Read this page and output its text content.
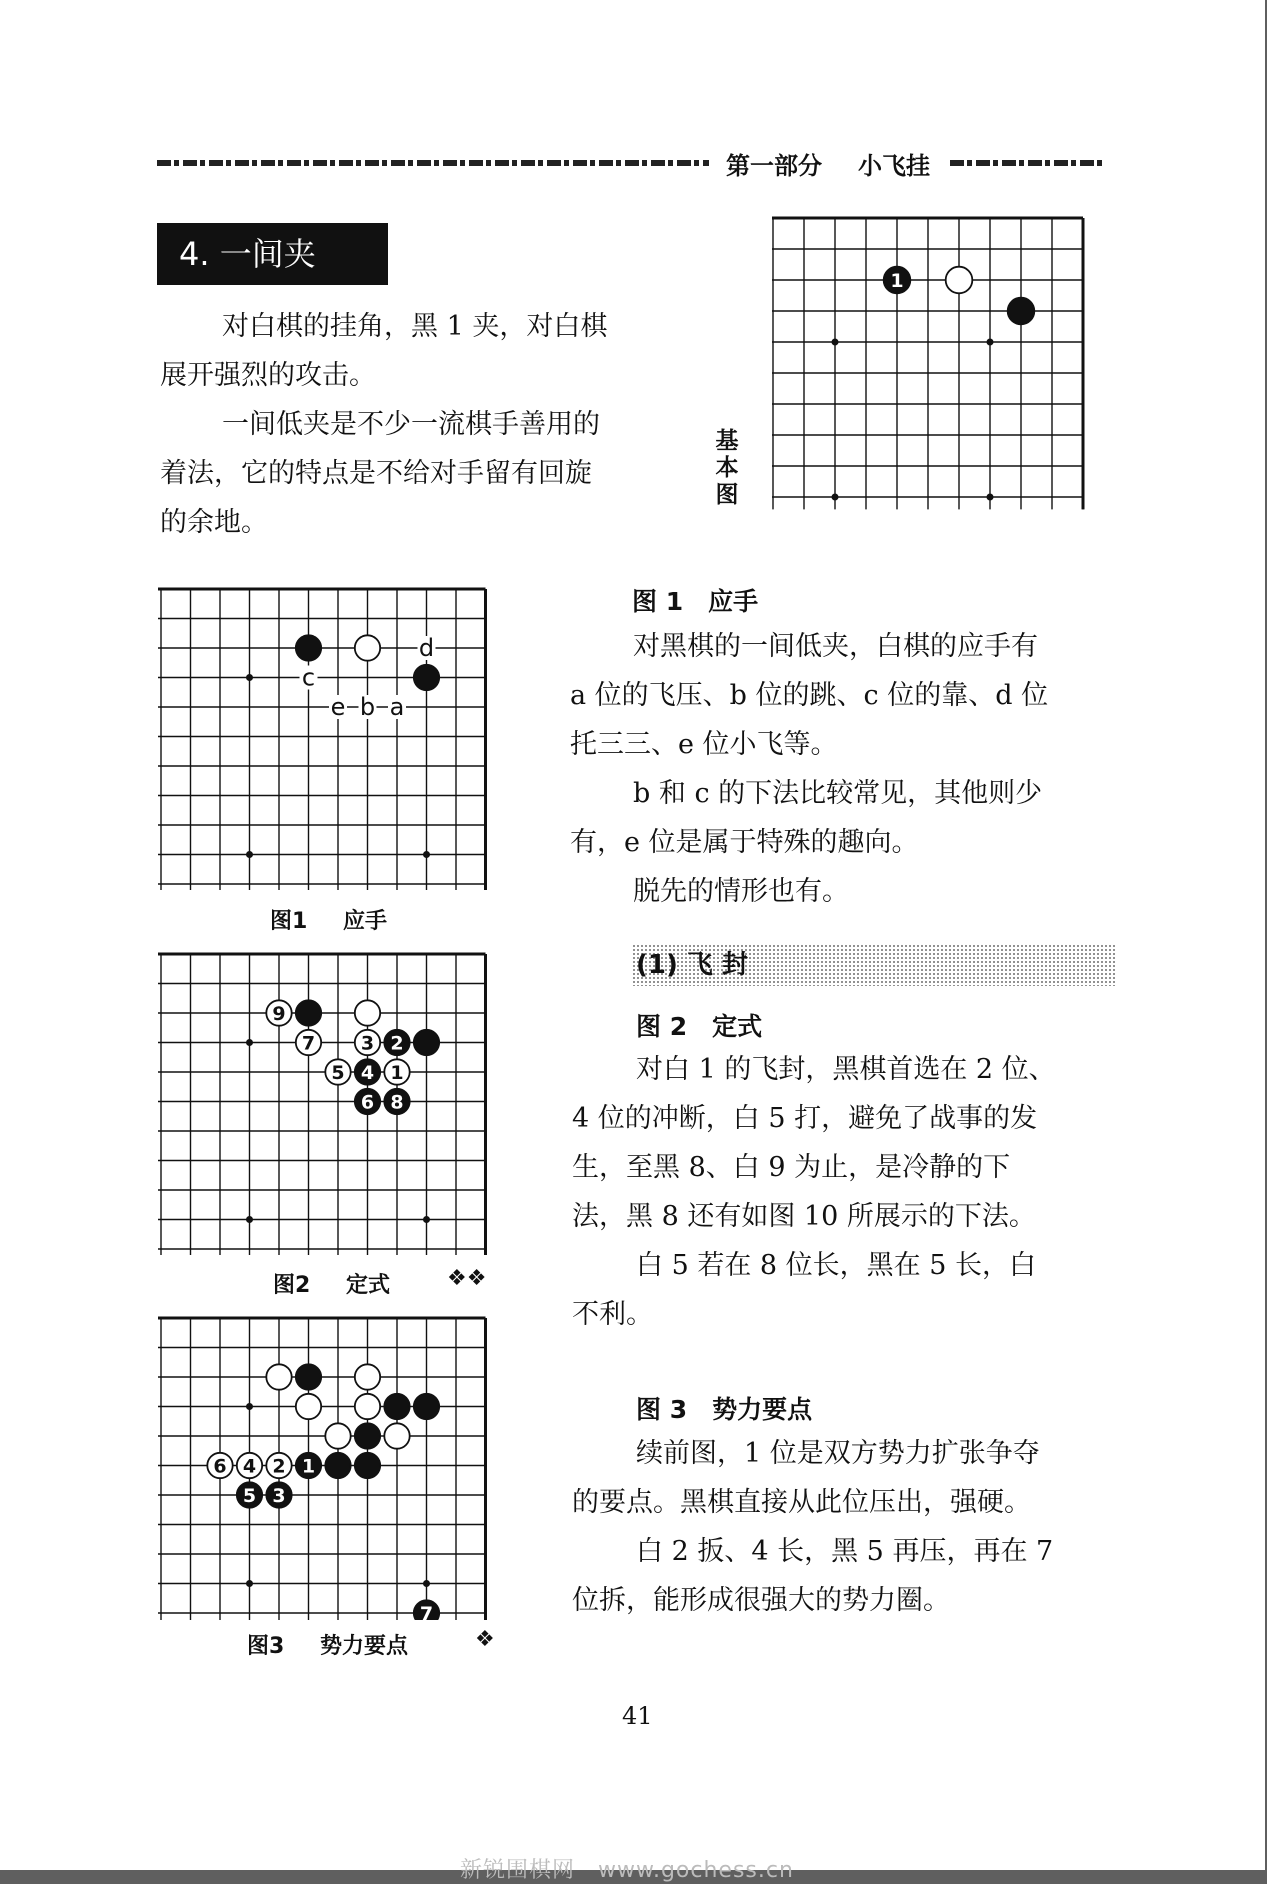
第一部分 小飞挂
4. 一间夹
对白棋的挂角，黑 1 夹，对白棋
展开强烈的攻击。
一间低夹是不少一流棋手善用的
着法，它的特点是不给对手留有回旋
的余地。
基本图
1
c
d
e b a
图1 应手
图 1　应手
对黑棋的一间低夹，白棋的应手有
a 位的飞压、b 位的跳、c 位的靠、d 位
托三三、e 位小飞等。
b 和 c 的下法比较常见，其他则少
有，e 位是属于特殊的趣向。
脱先的情形也有。
(1) 飞 封
9
7 3 2
5 4 1
6 8
图2 定式	❖❖
图 2　定式
对白 1 的飞封，黑棋首选在 2 位、
4 位的冲断，白 5 打，避免了战事的发
生，至黑 8、白 9 为止，是冷静的下
法，黑 8 还有如图 10 所展示的下法。
白 5 若在 8 位长，黑在 5 长，白
不利。
6 4 2 1
5 3
7
图3 势力要点	❖
图 3　势力要点
续前图，1 位是双方势力扩张争夺
的要点。黑棋直接从此位压出，强硬。
白 2 扳、4 长，黑 5 再压，再在 7
位拆，能形成很强大的势力圈。
41
新锐围棋网　www.gochess.cn
